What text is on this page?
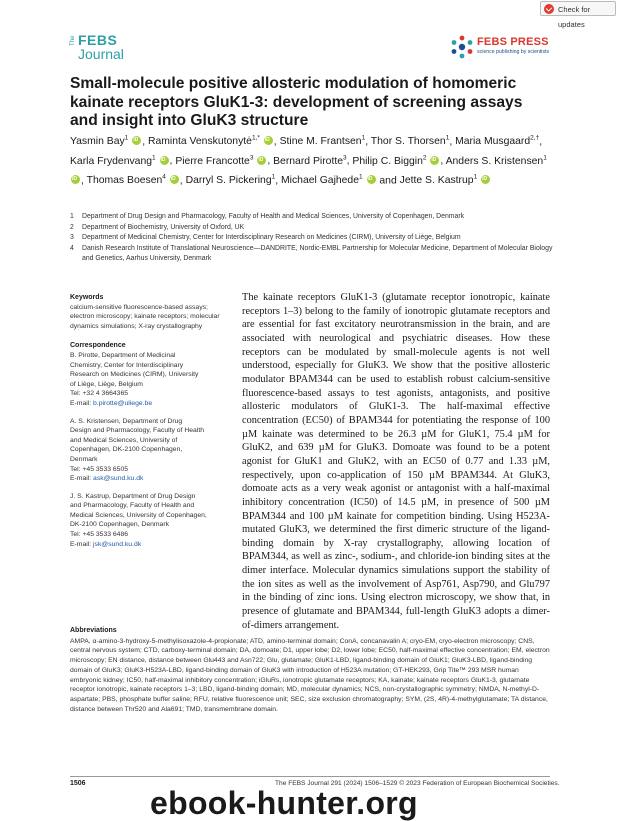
Check for updates
The FEBS
Journal
FEBS PRESS
science publishing by scientists
Small-molecule positive allosteric modulation of homomeric kainate receptors GluK1-3: development of screening assays and insight into GluK3 structure
Yasmin Bay$^1$ iD , Raminta Venskutonytė$^{1,*}$ iD , Stine M. Frantsen$^1$, Thor S. Thorsen$^1$, Maria Musgaard$^{2,\dagger}$, Karla Frydenvang$^1$ iD , Pierre Francotte$^3$ iD , Bernard Pirotte$^3$, Philip C. Biggin$^2$ iD , Anders S. Kristensen$^1$ iD, Thomas Boesen$^4$ iD , Darryl S. Pickering$^1$, Michael Gajhede$^1$ iD and Jette S. Kastrup$^1$ iD
1 Department of Drug Design and Pharmacology, Faculty of Health and Medical Sciences, University of Copenhagen, Denmark
2 Department of Biochemistry, University of Oxford, UK
3 Department of Medicinal Chemistry, Center for Interdisciplinary Research on Medicines (CIRM), University of Liège, Belgium
4 Danish Research Institute of Translational Neuroscience—DANDRITE, Nordic-EMBL Partnership for Molecular Medicine, Department of Molecular Biology and Genetics, Aarhus University, Denmark
Keywords

calcium-sensitive fluorescence-based assays; electron microscopy; kainate receptors; molecular dynamics simulations; X-ray crystallography

Correspondence
B. Pirotte, Department of Medicinal
Chemistry, Center for Interdisciplinary
Research on Medicines (CIRM), University
of Liège, Liège, Belgium
Tel: +32 4 3664365
E-mail: b.pirotte@uliege.be
A. S. Kristensen, Department of Drug
Design and Pharmacology, Faculty of Health
and Medical Sciences, University of
Copenhagen, DK-2100 Copenhagen,
Denmark
Tel: +45 3533 6505
E-mail: ask@sund.ku.dk
J. S. Kastrup, Department of Drug Design
and Pharmacology, Faculty of Health and
Medical Sciences, University of Copenhagen,
DK-2100 Copenhagen, Denmark
Tel: +45 3533 6486
E-mail: jsk@sund.ku.dk

The kainate receptors GluK1-3 (glutamate receptor ionotropic, kainate receptors 1–3) belong to the family of ionotropic glutamate receptors and are essential for fast excitatory neurotransmission in the brain, and are associated with neurological and psychiatric diseases. How these receptors can be modulated by small-molecule agents is not well understood, especially for GluK3. We show that the positive allosteric modulator BPAM344 can be used to establish robust calcium-sensitive fluorescence-based assays to test agonists, antagonists, and positive allosteric modulators of GluK1-3. The half-maximal effective concentration (EC50) of BPAM344 for potentiating the response of 100 µM kainate was determined to be 26.3 µM for GluK1, 75.4 µM for GluK2, and 639 µM for GluK3. Domoate was found to be a potent agonist for GluK1 and GluK2, with an EC50 of 0.77 and 1.33 µM, respectively, upon co-application of 150 µM BPAM344. At GluK3, domoate acts as a very weak agonist or antagonist with a half-maximal inhibitory concentration (IC50) of 14.5 µM, in presence of 500 µM BPAM344 and 100 µM kainate for competition binding. Using H523A-mutated GluK3, we determined the first dimeric structure of the ligand-binding domain by X-ray crystallography, allowing location of BPAM344, as well as zinc-, sodium-, and chloride-ion binding sites at the dimer interface. Molecular dynamics simulations support the stability of the ion sites as well as the involvement of Asp761, Asp790, and Glu797 in the binding of zinc ions. Using electron microscopy, we show that, in presence of glutamate and BPAM344, full-length GluK3 adopts a dimer-of-dimers arrangement.

Abbreviations

AMPA, α-amino-3-hydroxy-5-methylisoxazole-4-propionate; ATD, amino-terminal domain; ConA, concanavalin A; cryo-EM, cryo-electron microscopy; CNS, central nervous system; CTD, carboxy-terminal domain; DA, domoate; D1, upper lobe; D2, lower lobe; EC50, half-maximal effective concentration; EM, electron microscopy; EN distance, distance between Glu443 and Asn722; Glu, glutamate; GluK1-LBD, ligand-binding domain of GluK1; GluK3-LBD, ligand-binding domain of GluK3; GluK3-H523A-LBD, ligand-binding domain of GluK3 with introduction of H523A mutation; GT-HEK293, Grip Tite™ 293 MSR human embryonic kidney; IC50, half-maximal inhibitory concentration; iGluRs, ionotropic glutamate receptors; KA, kainate; kainate receptors GluK1-3, glutamate receptor ionotropic, kainate receptors 1–3; LBD, ligand-binding domain; MD, molecular dynamics; NCS, non-crystallographic symmetry; NMDA, N-methyl-D-aspartate; PBS, phosphate buffer saline; RFU, relative fluorescence unit; SEC, size exclusion chromatography; SYM, (2S, 4R)-4-methylglutamate; TA distance, distance between Thr520 and Ala691; TMD, transmembrane domain.

1506	The FEBS Journal 291 (2024) 1506–1529 © 2023 Federation of European Biochemical Societies.
ebook-hunter.org
